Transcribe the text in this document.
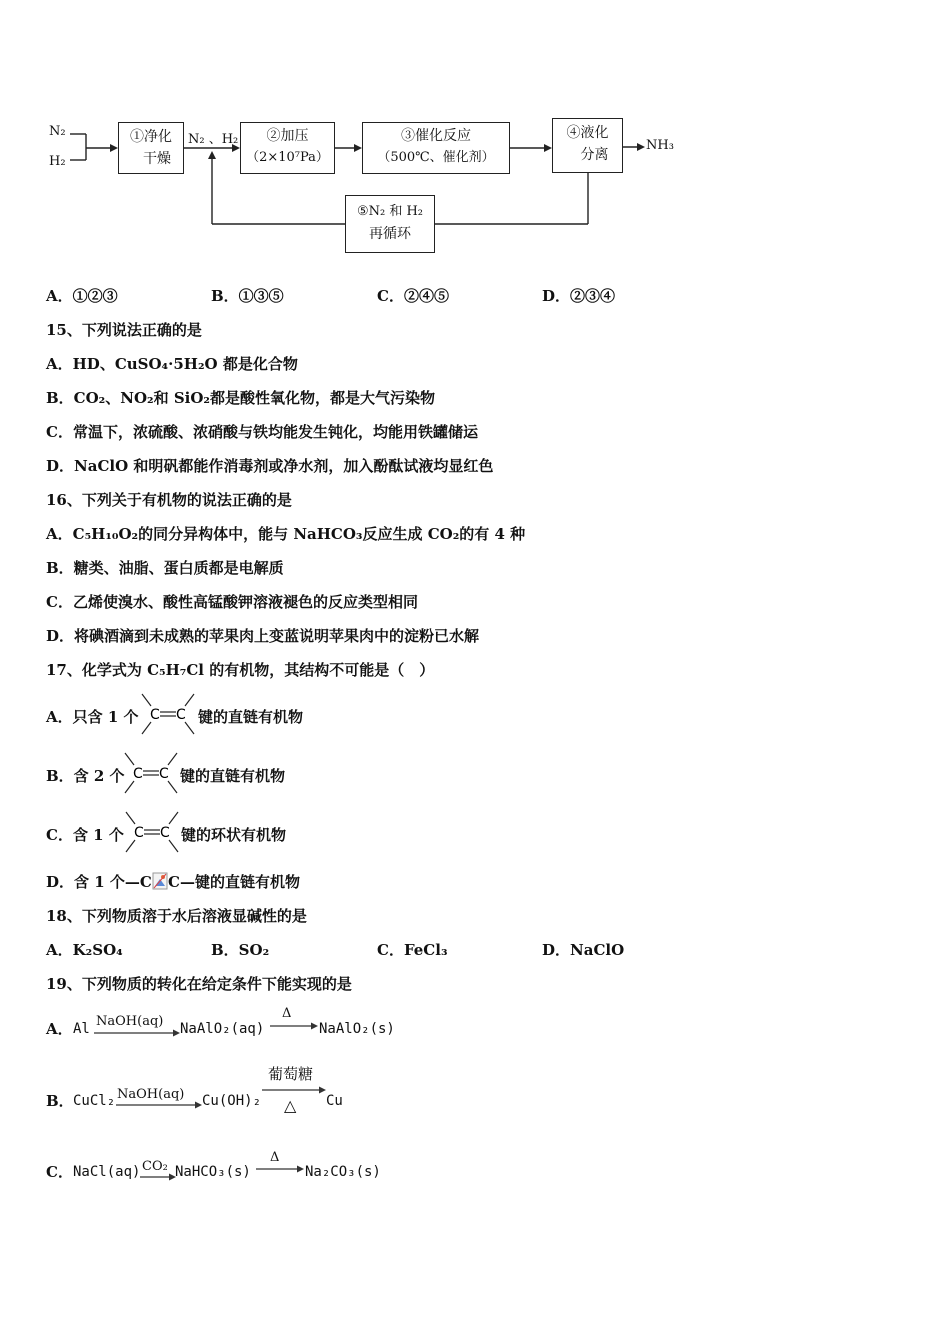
N₂
H₂
①净化
干燥
N₂ 、H₂	②加压
（2×10⁷Pa）
③催化反应
（500℃、催化剂）
④液化
分离
NH₃
⑤N₂ 和 H₂
再循环
A．①②③	B．①③⑤	C．②④⑤	D．②③④
15、下列说法正确的是
A．HD、CuSO₄·5H₂O 都是化合物
B．CO₂、NO₂和 SiO₂都是酸性氧化物，都是大气污染物
C．常温下，浓硫酸、浓硝酸与铁均能发生钝化，均能用铁罐储运
D．NaClO 和明矾都能作消毒剂或净水剂，加入酚酞试液均显红色
16、下列关于有机物的说法正确的是
A．C₅H₁₀O₂的同分异构体中，能与 NaHCO₃反应生成 CO₂的有 4 种
B．糖类、油脂、蛋白质都是电解质
C．乙烯使溴水、酸性高锰酸钾溶液褪色的反应类型相同
D．将碘酒滴到未成熟的苹果肉上变蓝说明苹果肉中的淀粉已水解
17、化学式为 C₅H₇Cl 的有机物，其结构不可能是（　）
A．只含 1 个 C C 键的直链有机物
B．含 2 个 C C 键的直链有机物
C．含 1 个 C C 键的环状有机物
D．含 1 个—C C—键的直链有机物
18、下列物质溶于水后溶液显碱性的是
A．K₂SO₄	B．SO₂	C．FeCl₃	D．NaClO
19、下列物质的转化在给定条件下能实现的是
A． Al NaOH(aq) NaAlO₂(aq)
Δ
→ NaAlO₂(s)
B． CuCl₂ NaOH(aq) Cu(OH)₂
葡萄糖
△ Cu
C． NaCl(aq) CO₂ NaHCO₃(s)
Δ
→ Na₂CO₃(s)
